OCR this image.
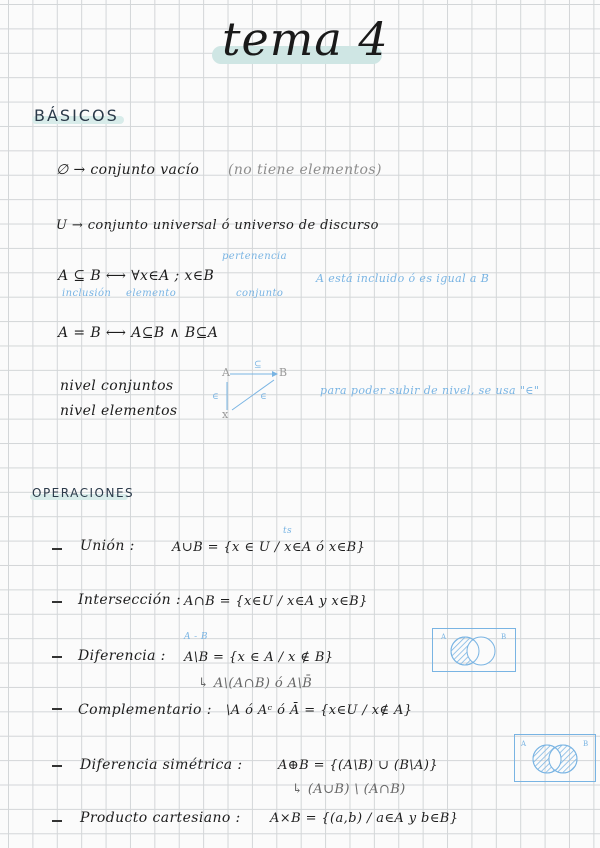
tema 4
BÁSICOS
∅ → conjunto vacío (no tiene elementos)
U → conjunto universal ó universo de discurso
pertenencia
A ⊆ B ⟷ ∀x∈A ; x∈B	A está incluido ó es igual a B
inclusión elemento	conjunto
A = B ⟷ A⊆B ∧ B⊆A
nivel conjuntos
nivel elementos
A	B
x
⊆
∈	∈	para poder subir de nivel, se usa "∈"
OPERACIONES
Unión :	A∪B = {x ∈ U / x∈A ó x∈B}
ts
Intersección : A∩B = {x∈U / x∈A y x∈B}
A - B
Diferencia : A\B = {x ∈ A / x ∉ B}
↳ A\(A∩B) ó A\B̄
A	B
Complementario : \A ó Aᶜ ó Ā = {x∈U / x∉ A}
Diferencia simétrica :	A⊕B = {(A\B) ∪ (B\A)}
↳ (A∪B) \ (A∩B)
A	B
Producto cartesiano : A×B = {(a,b) / a∈A y b∈B}
